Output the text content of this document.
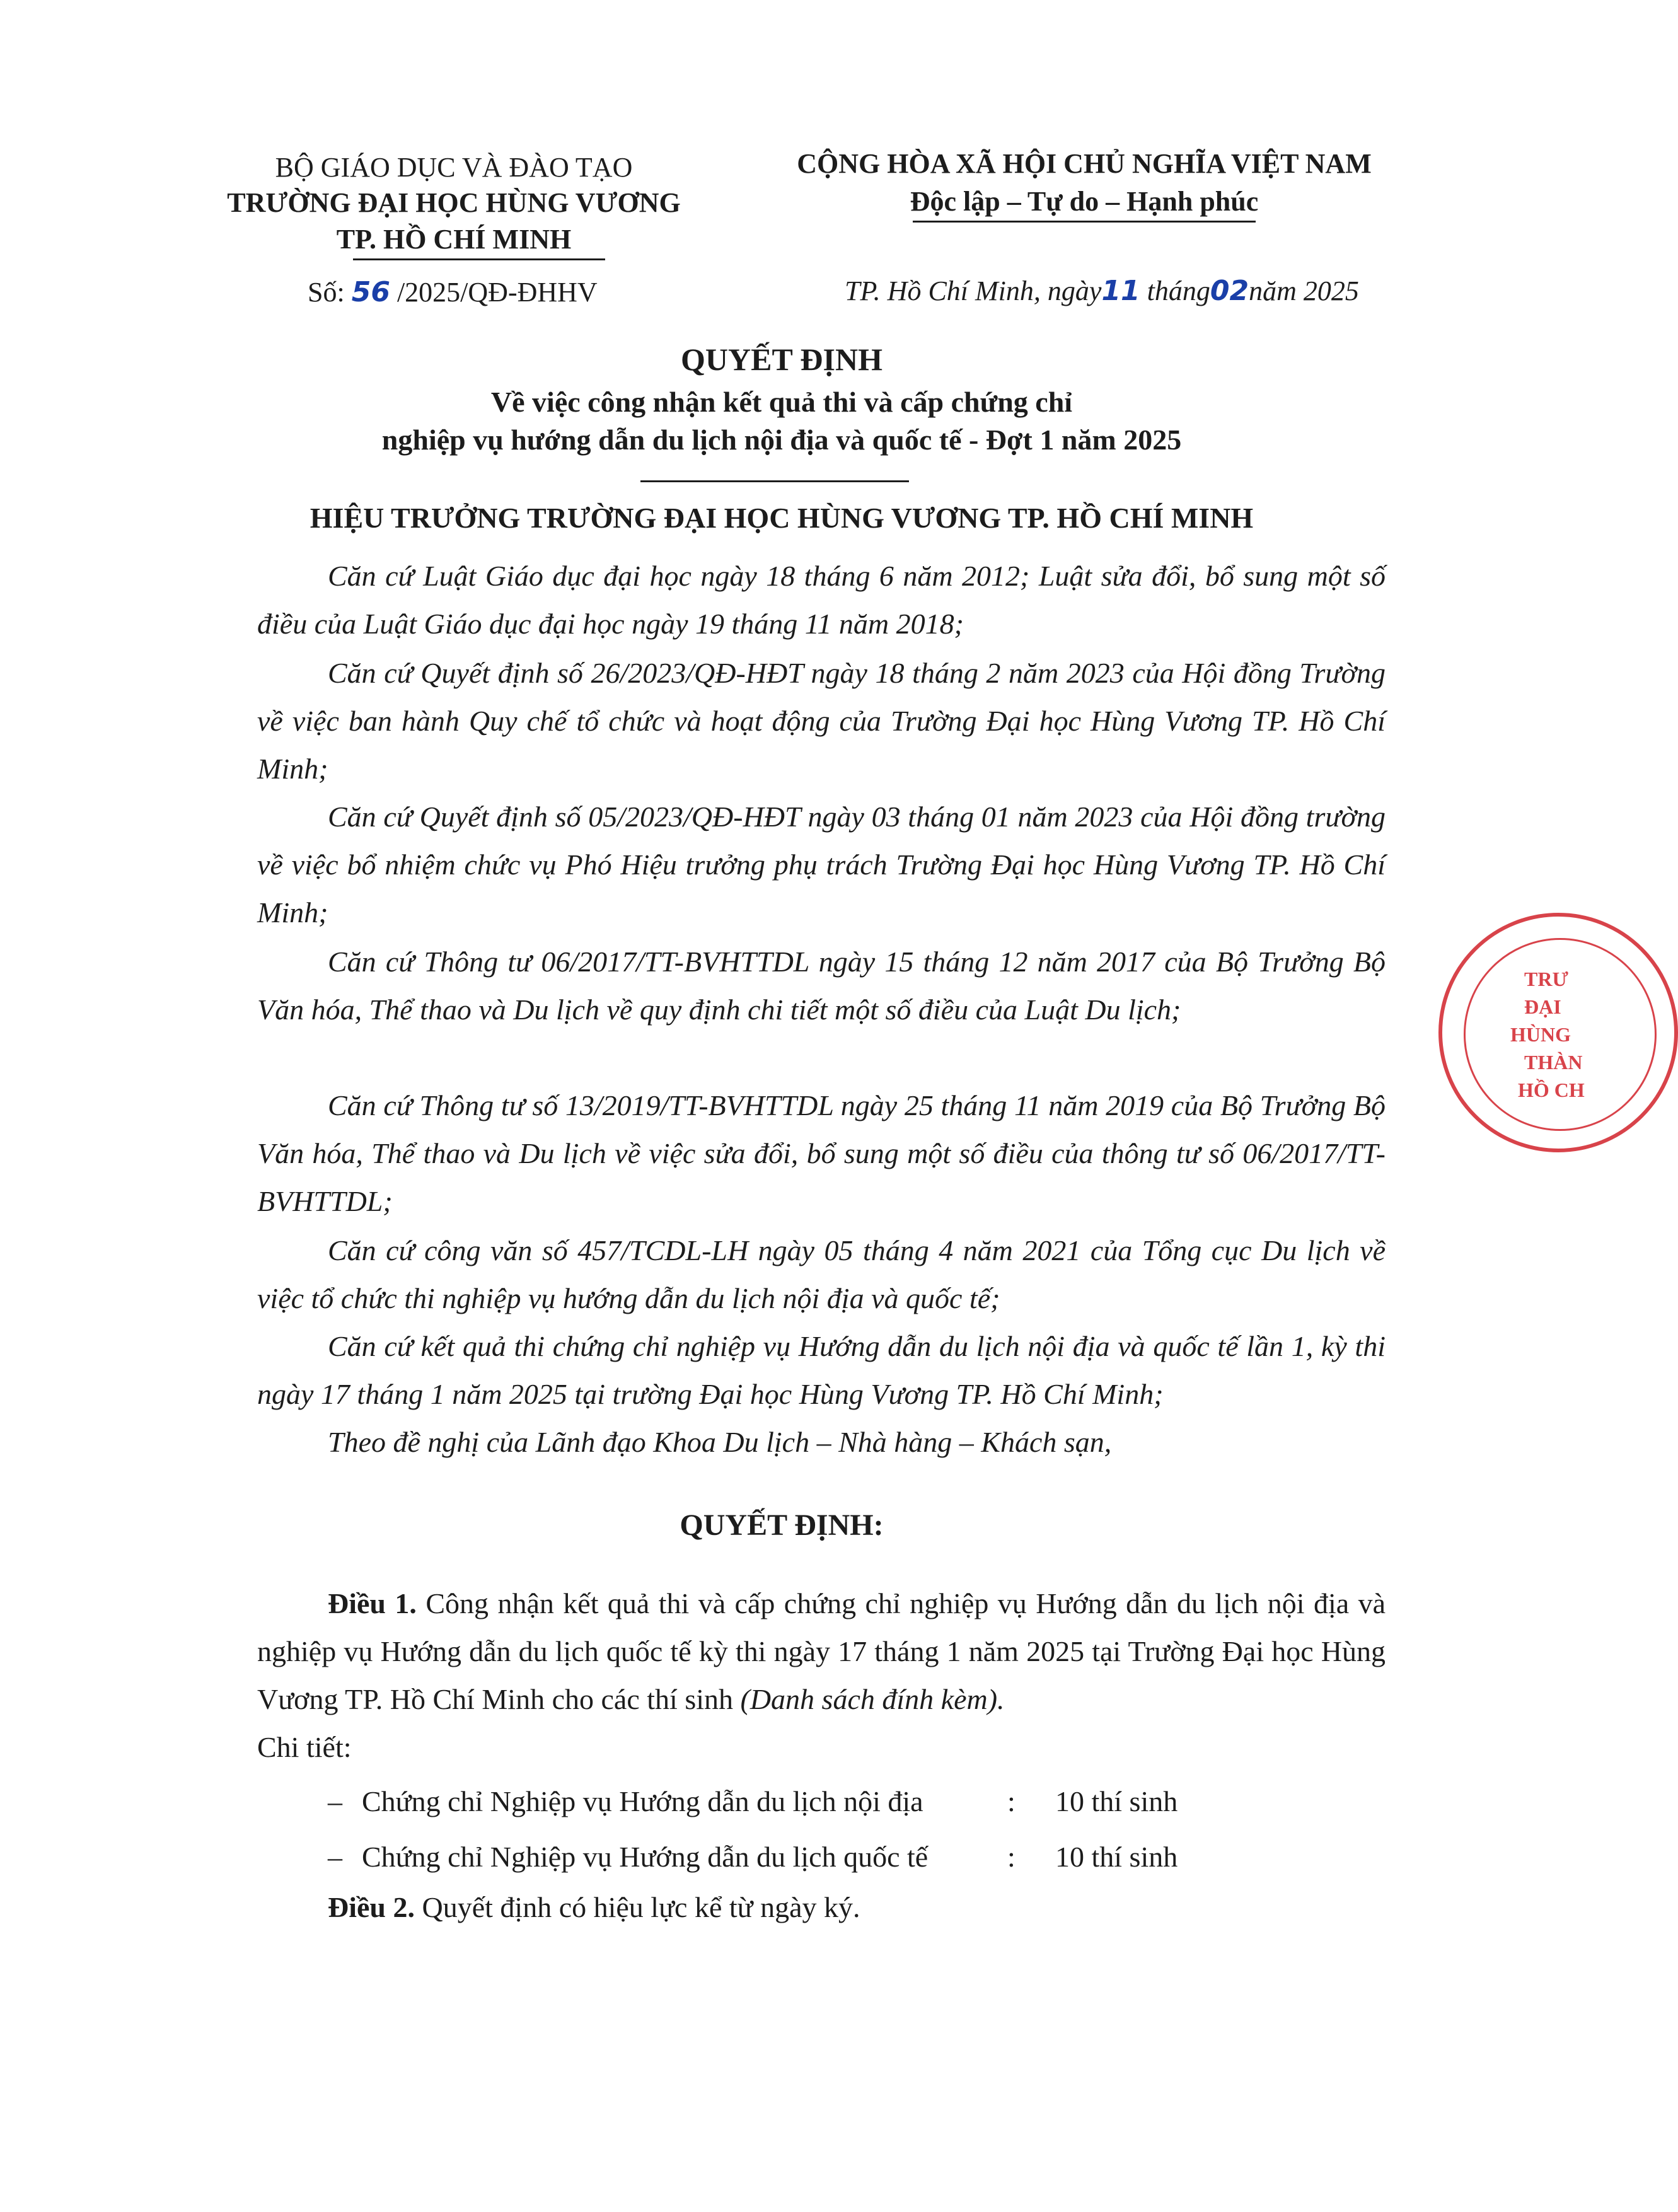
BỘ GIÁO DỤC VÀ ĐÀO TẠO
TRƯỜNG ĐẠI HỌC HÙNG VƯƠNG
TP. HỒ CHÍ MINH
Số: 56 /2025/QĐ-ĐHHV
CỘNG HÒA XÃ HỘI CHỦ NGHĨA VIỆT NAM
Độc lập – Tự do – Hạnh phúc
TP. Hồ Chí Minh, ngày11 tháng02năm 2025
QUYẾT ĐỊNH
Về việc công nhận kết quả thi và cấp chứng chỉ
nghiệp vụ hướng dẫn du lịch nội địa và quốc tế - Đợt 1 năm 2025
HIỆU TRƯỞNG TRƯỜNG ĐẠI HỌC HÙNG VƯƠNG TP. HỒ CHÍ MINH
Căn cứ Luật Giáo dục đại học ngày 18 tháng 6 năm 2012; Luật sửa đổi, bổ sung một số điều của Luật Giáo dục đại học ngày 19 tháng 11 năm 2018;
Căn cứ Quyết định số 26/2023/QĐ-HĐT ngày 18 tháng 2 năm 2023 của Hội đồng Trường về việc ban hành Quy chế tổ chức và hoạt động của Trường Đại học Hùng Vương TP. Hồ Chí Minh;
Căn cứ Quyết định số 05/2023/QĐ-HĐT ngày 03 tháng 01 năm 2023 của Hội đồng trường về việc bổ nhiệm chức vụ Phó Hiệu trưởng phụ trách Trường Đại học Hùng Vương TP. Hồ Chí Minh;
Căn cứ Thông tư 06/2017/TT-BVHTTDL ngày 15 tháng 12 năm 2017 của Bộ Trưởng Bộ Văn hóa, Thể thao và Du lịch về quy định chi tiết một số điều của Luật Du lịch;
Căn cứ Thông tư số 13/2019/TT-BVHTTDL ngày 25 tháng 11 năm 2019 của Bộ Trưởng Bộ Văn hóa, Thể thao và Du lịch về việc sửa đổi, bổ sung một số điều của thông tư số 06/2017/TT-BVHTTDL;
Căn cứ công văn số 457/TCDL-LH ngày 05 tháng 4 năm 2021 của Tổng cục Du lịch về việc tổ chức thi nghiệp vụ hướng dẫn du lịch nội địa và quốc tế;
Căn cứ kết quả thi chứng chỉ nghiệp vụ Hướng dẫn du lịch nội địa và quốc tế lần 1, kỳ thi ngày 17 tháng 1 năm 2025 tại trường Đại học Hùng Vương TP. Hồ Chí Minh;
Theo đề nghị của Lãnh đạo Khoa Du lịch – Nhà hàng – Khách sạn,
QUYẾT ĐỊNH:
Điều 1. Công nhận kết quả thi và cấp chứng chỉ nghiệp vụ Hướng dẫn du lịch nội địa và nghiệp vụ Hướng dẫn du lịch quốc tế kỳ thi ngày 17 tháng 1 năm 2025 tại Trường Đại học Hùng Vương TP. Hồ Chí Minh cho các thí sinh (Danh sách đính kèm).
Chi tiết:
– Chứng chỉ Nghiệp vụ Hướng dẫn du lịch nội địa	: 10 thí sinh
– Chứng chỉ Nghiệp vụ Hướng dẫn du lịch quốc tế	: 10 thí sinh
Điều 2. Quyết định có hiệu lực kể từ ngày ký.
TRƯ
ĐẠI
HÙNG
THÀN
HỒ CH
